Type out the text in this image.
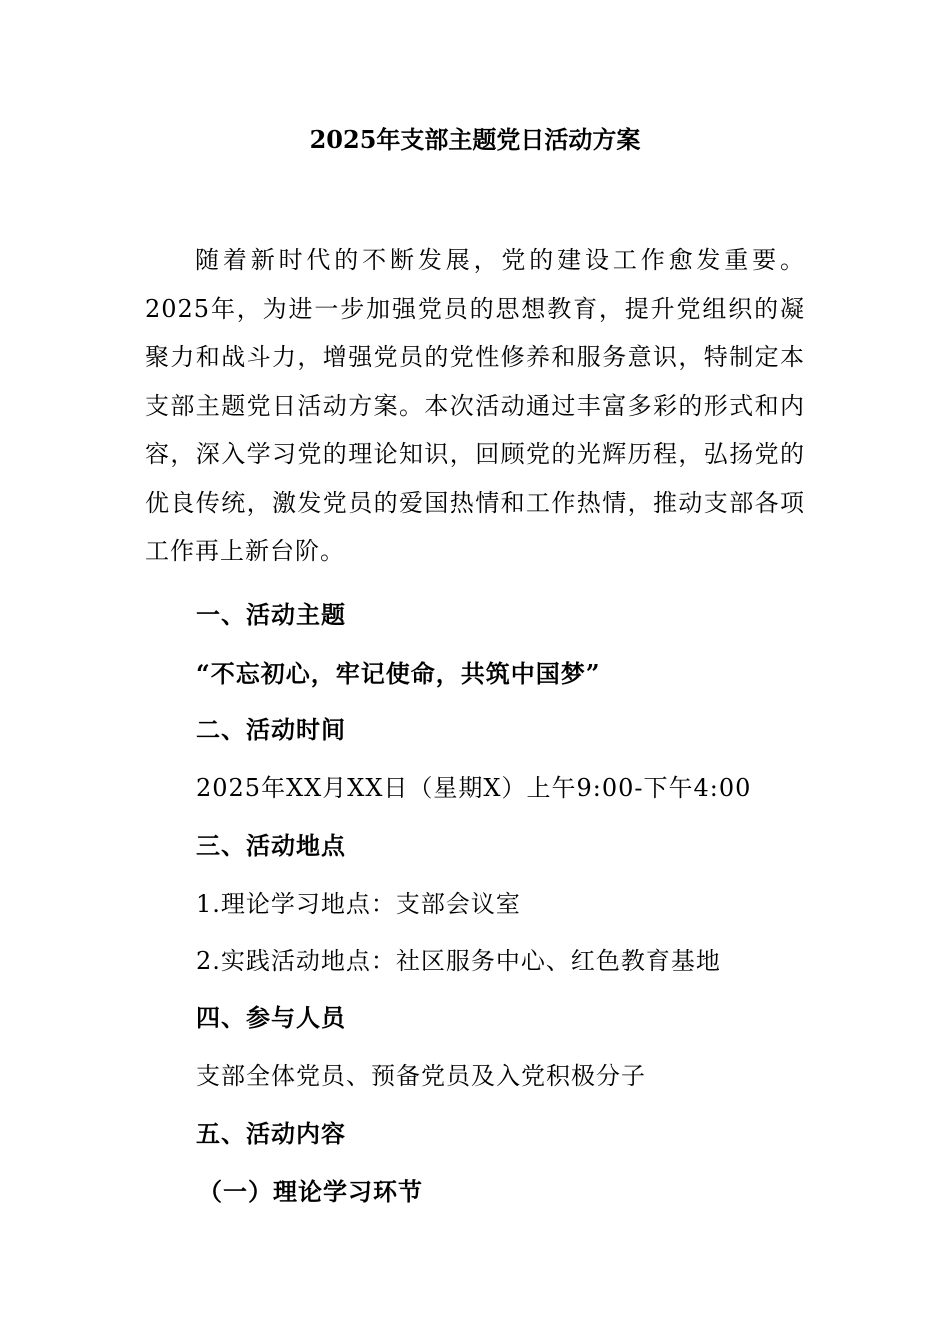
2025年支部主题党日活动方案

随着新时代的不断发展，党的建设工作愈发重要。2025年，为进一步加强党员的思想教育，提升党组织的凝聚力和战斗力，增强党员的党性修养和服务意识，特制定本支部主题党日活动方案。本次活动通过丰富多彩的形式和内容，深入学习党的理论知识，回顾党的光辉历程，弘扬党的优良传统，激发党员的爱国热情和工作热情，推动支部各项工作再上新台阶。

一、活动主题
“不忘初心，牢记使命，共筑中国梦”
二、活动时间
2025年XX月XX日（星期X）上午9:00-下午4:00
三、活动地点
1.理论学习地点：支部会议室
2.实践活动地点：社区服务中心、红色教育基地
四、参与人员
支部全体党员、预备党员及入党积极分子
五、活动内容
（一）理论学习环节
